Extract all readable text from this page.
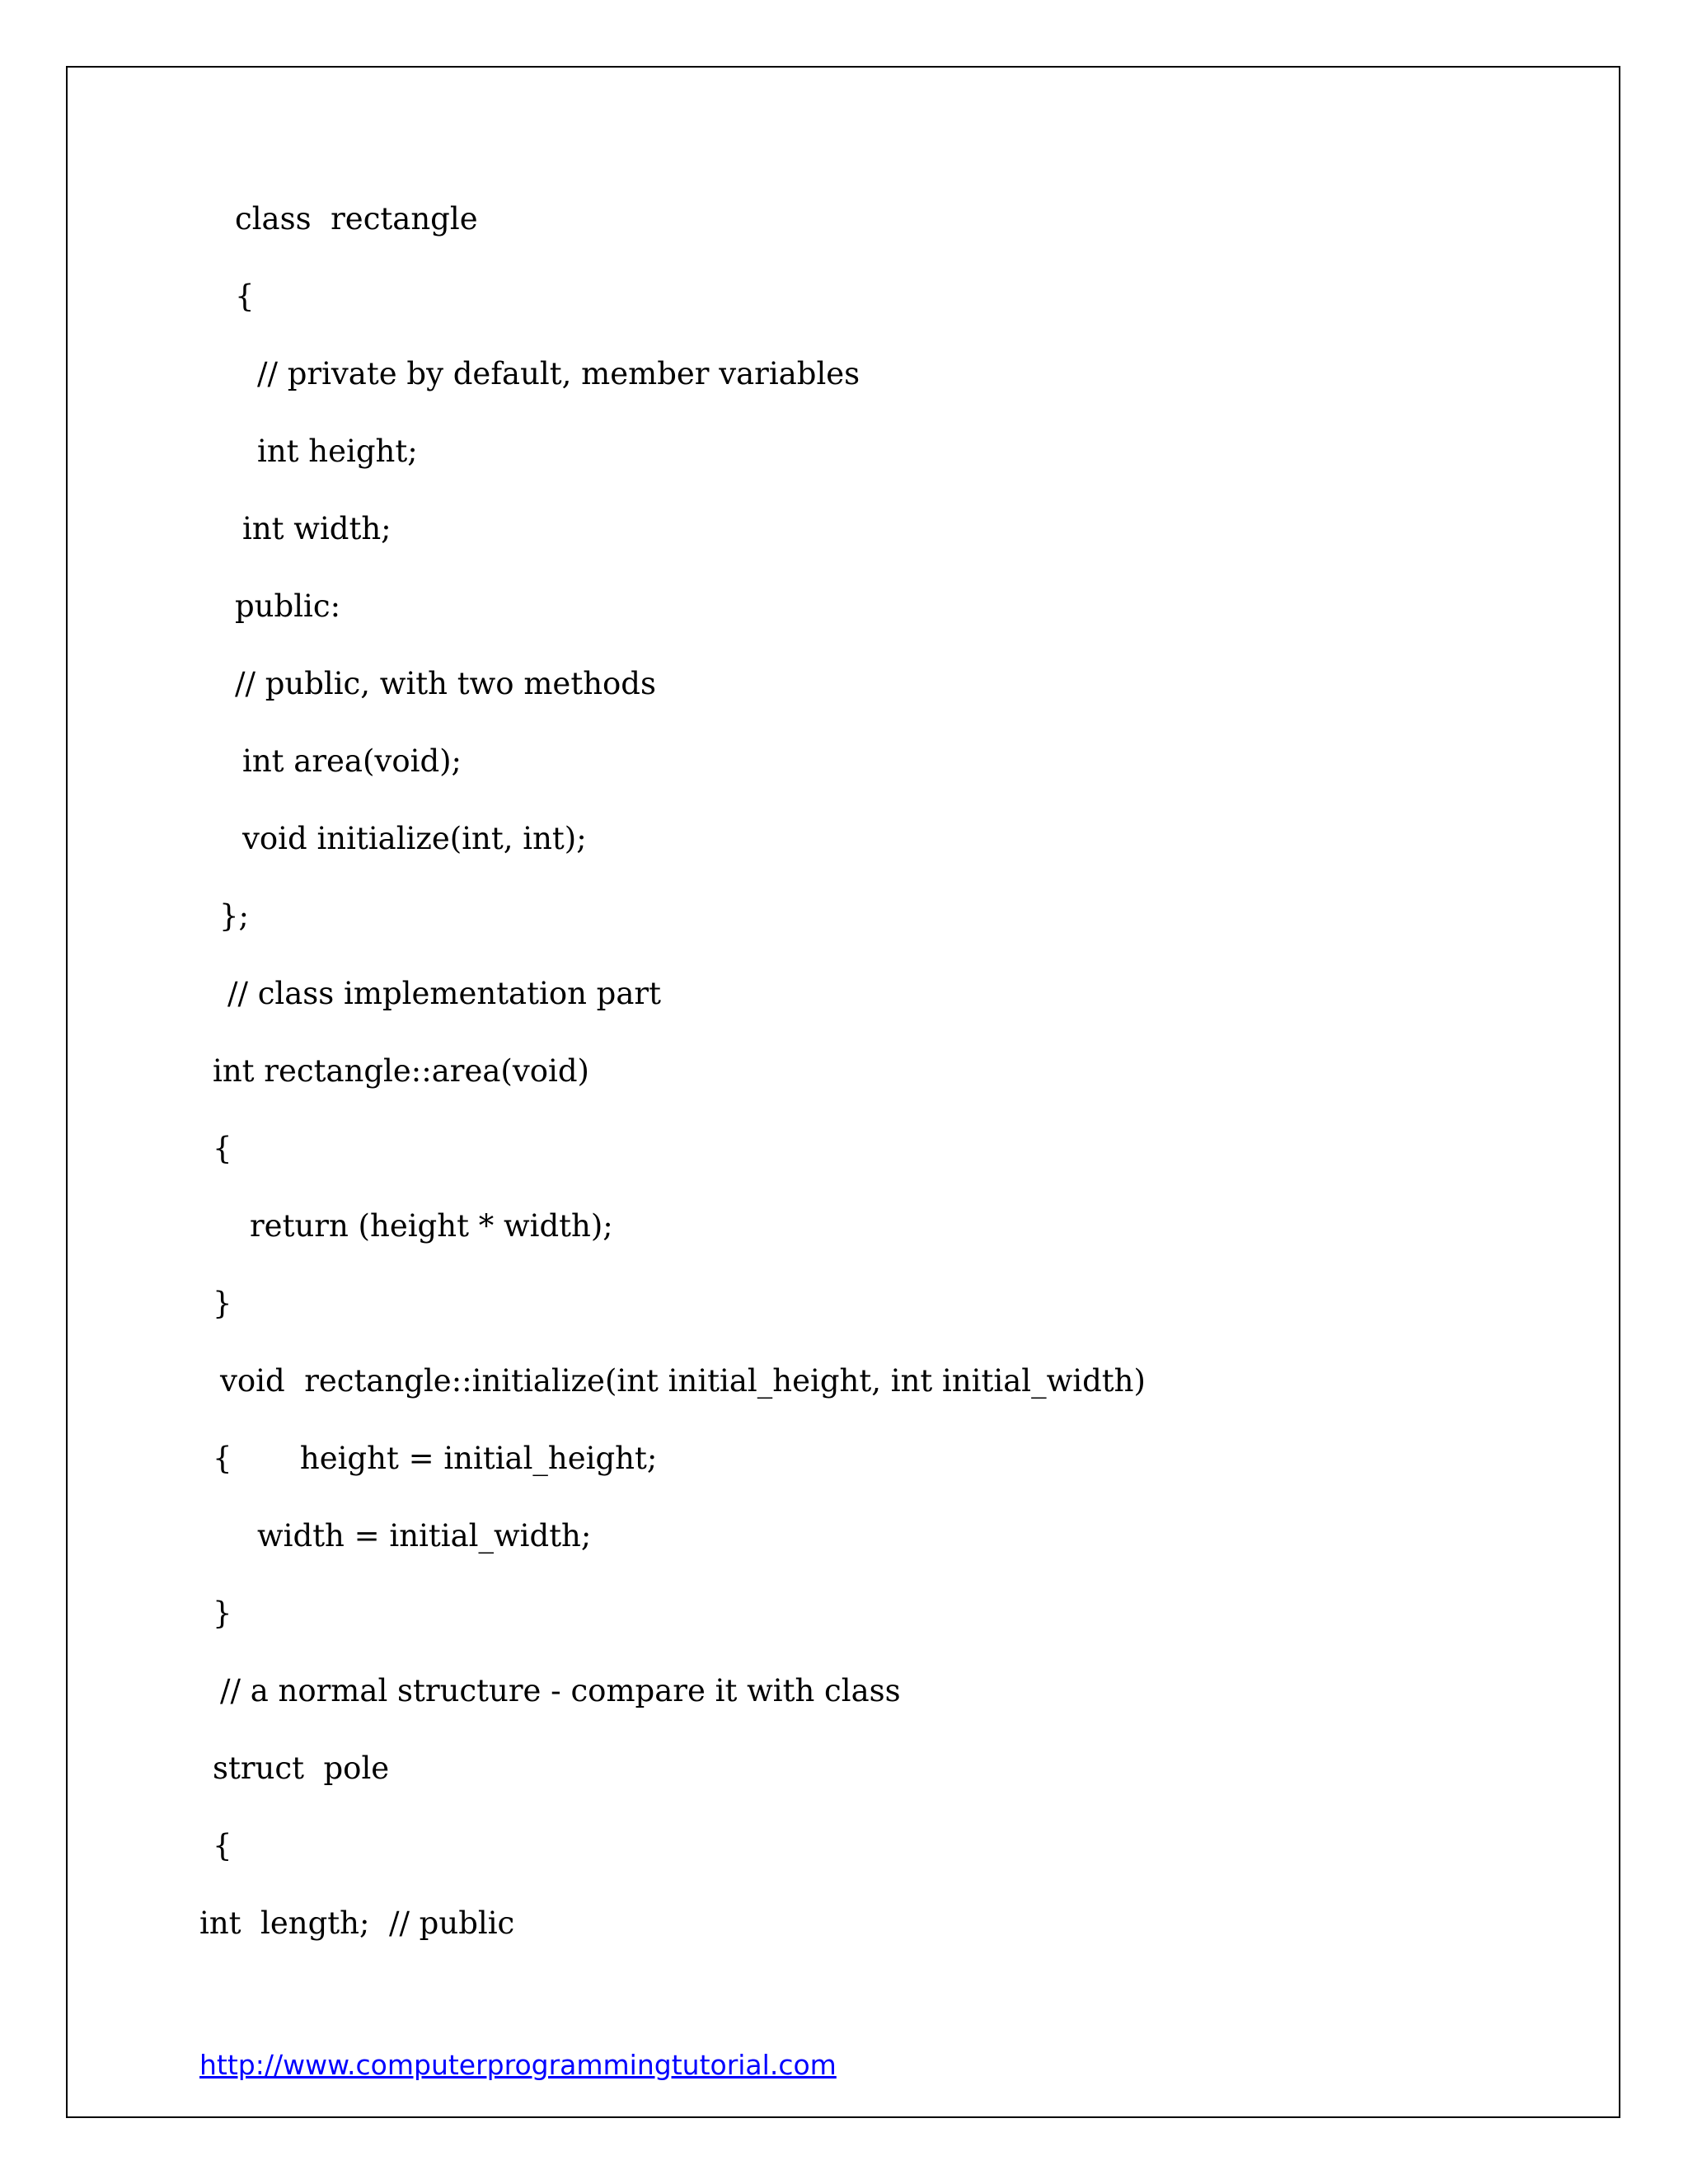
class  rectangle

{

// private by default, member variables

int height;

int width;

public:

// public, with two methods

int area(void);

void initialize(int, int);

};

// class implementation part

int rectangle::area(void)

{

return (height * width);

}

void  rectangle::initialize(int initial_height, int initial_width)

{       height = initial_height;

width = initial_width;

}

// a normal structure - compare it with class

struct  pole

{

int  length;  // public

http://www.computerprogrammingtutorial.com
